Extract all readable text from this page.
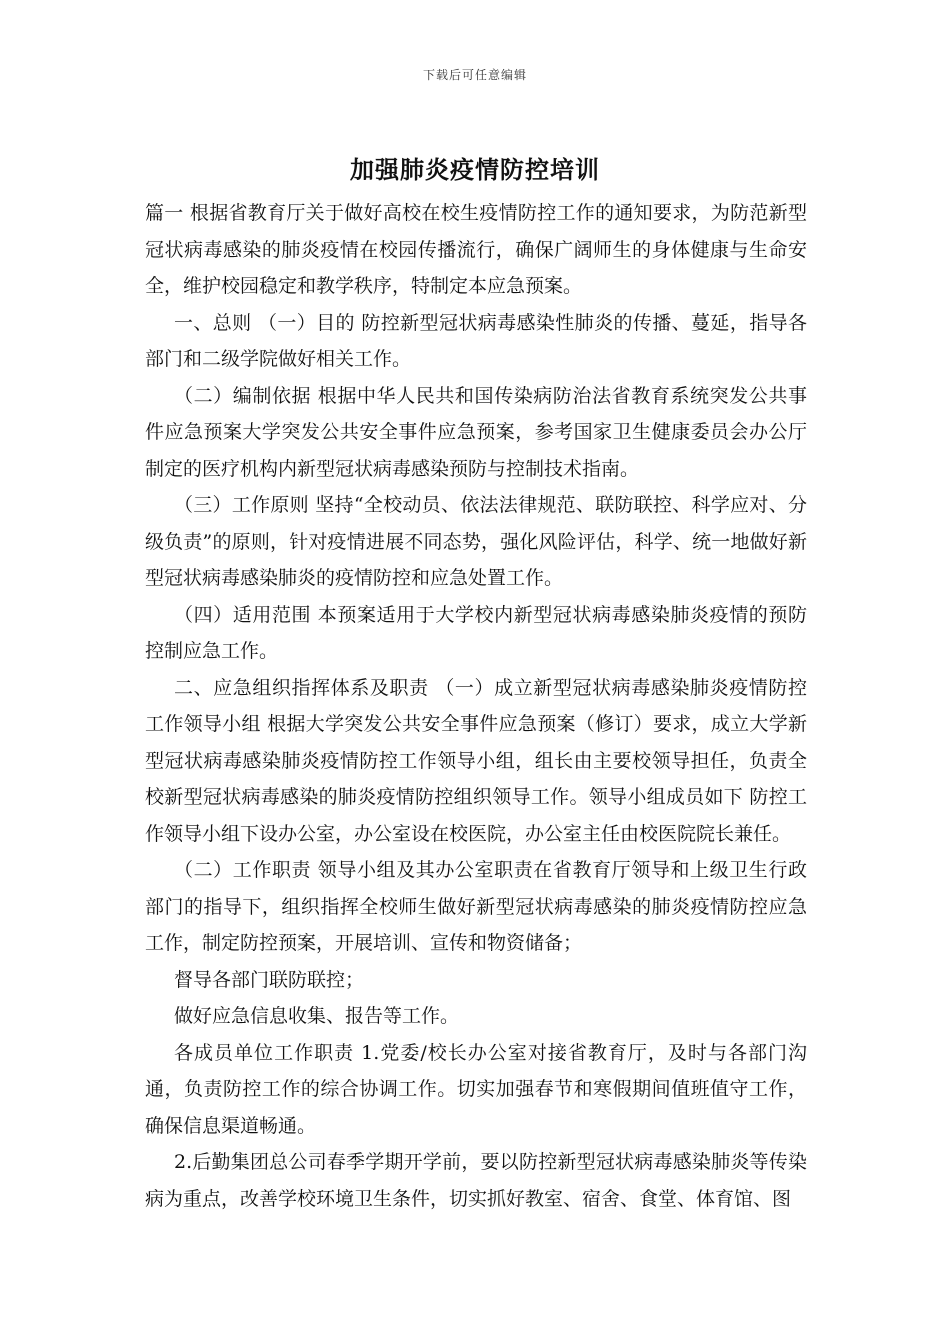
下载后可任意编辑
加强肺炎疫情防控培训

篇一 根据省教育厅关于做好高校在校生疫情防控工作的通知要求，为防范新型冠状病毒感染的肺炎疫情在校园传播流行，确保广阔师生的身体健康与生命安全，维护校园稳定和教学秩序，特制定本应急预案。

一、总则 （一）目的 防控新型冠状病毒感染性肺炎的传播、蔓延，指导各部门和二级学院做好相关工作。

（二）编制依据 根据中华人民共和国传染病防治法省教育系统突发公共事件应急预案大学突发公共安全事件应急预案，参考国家卫生健康委员会办公厅制定的医疗机构内新型冠状病毒感染预防与控制技术指南。

（三）工作原则 坚持“全校动员、依法法律规范、联防联控、科学应对、分级负责”的原则，针对疫情进展不同态势，强化风险评估，科学、统一地做好新型冠状病毒感染肺炎的疫情防控和应急处置工作。

（四）适用范围 本预案适用于大学校内新型冠状病毒感染肺炎疫情的预防控制应急工作。

二、应急组织指挥体系及职责 （一）成立新型冠状病毒感染肺炎疫情防控工作领导小组 根据大学突发公共安全事件应急预案（修订）要求，成立大学新型冠状病毒感染肺炎疫情防控工作领导小组，组长由主要校领导担任，负责全校新型冠状病毒感染的肺炎疫情防控组织领导工作。领导小组成员如下 防控工作领导小组下设办公室，办公室设在校医院，办公室主任由校医院院长兼任。

（二）工作职责 领导小组及其办公室职责在省教育厅领导和上级卫生行政部门的指导下，组织指挥全校师生做好新型冠状病毒感染的肺炎疫情防控应急工作，制定防控预案，开展培训、宣传和物资储备；

督导各部门联防联控；

做好应急信息收集、报告等工作。

各成员单位工作职责 1.党委/校长办公室对接省教育厅，及时与各部门沟通，负责防控工作的综合协调工作。切实加强春节和寒假期间值班值守工作，确保信息渠道畅通。

2.后勤集团总公司春季学期开学前，要以防控新型冠状病毒感染肺炎等传染病为重点，改善学校环境卫生条件，切实抓好教室、宿舍、食堂、体育馆、图
